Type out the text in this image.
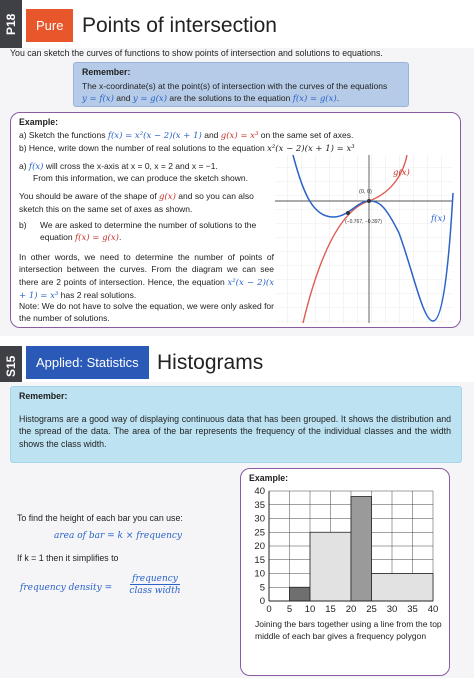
P18	Pure Points of intersection
You can sketch the curves of functions to show points of intersection and solutions to equations.
Remember:
The x-coordinate(s) at the point(s) of intersection with the curves of the equations
y = f(x) and y = g(x) are the solutions to the equation f(x) = g(x).
Example:
a) Sketch the functions f(x) = x²(x − 2)(x + 1) and g(x) = x³ on the same set of axes.
b) Hence, write down the number of real solutions to the equation x²(x − 2)(x + 1) = x³
a) f(x) will cross the x-axis at x = 0, x = 2 and x = −1.
From this information, we can produce the sketch shown.
You should be aware of the shape of g(x) and so you can also sketch this on the same set of axes as shown.
b) We are asked to determine the number of solutions to the equation f(x) = g(x).
In other words, we need to determine the number of points of intersection between the curves. From the diagram we can see there are 2 points of intersection. Hence, the equation x²(x − 2)(x + 1) = x³ has 2 real solutions.
Note: We do not have to solve the equation, we were only asked for the number of solutions.
(0, 0)
(−0.767, −0.397)
g(x)
f(x)
S15	Applied: Statistics Histograms
Remember:
Histograms are a good way of displaying continuous data that has been grouped. It shows the distribution and the spread of the data. The area of the bar represents the frequency of the individual classes and the width shows the class width.
To find the height of each bar you can use:
area of bar = k × frequency
If k = 1 then it simplifies to
frequency density =
frequency
class width
Example:
0
5
10
15
20
25
30
35
40
0 5 10 15 20 25 30 35 40
Joining the bars together using a line from the top middle of each bar gives a frequency polygon
